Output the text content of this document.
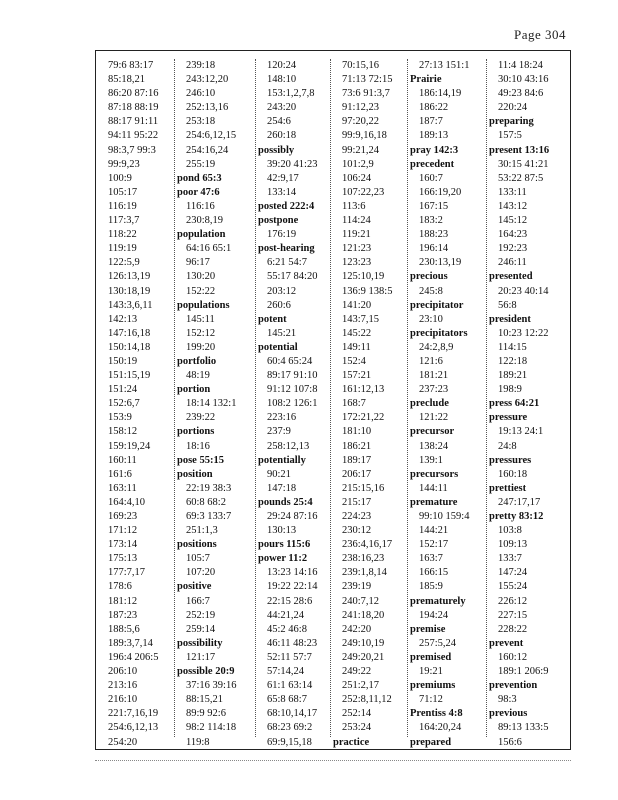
Page 304
79:6 83:17
85:18,21
86:20 87:16
87:18 88:19
88:17 91:11
94:11 95:22
98:3,7 99:3
99:9,23
100:9
105:17
116:19
117:3,7
118:22
119:19
122:5,9
126:13,19
130:18,19
143:3,6,11
142:13
147:16,18
150:14,18
150:19
151:15,19
151:24
152:6,7
153:9
158:12
159:19,24
160:11
161:6
163:11
164:4,10
169:23
171:12
173:14
175:13
177:7,17
178:6
181:12
187:23
188:5,6
189:3,7,14
196:4 206:5
206:10
213:16
216:10
221:7,16,19
254:6,12,13
254:20
239:18
243:12,20
246:10
252:13,16
253:18
254:6,12,15
254:16,24
255:19
pond 65:3
poor 47:6
116:16
230:8,19
population
64:16 65:1
96:17
130:20
152:22
populations
145:11
152:12
199:20
portfolio
48:19
portion
18:14 132:1
239:22
portions
18:16
pose 55:15
position
22:19 38:3
60:8 68:2
69:3 133:7
251:1,3
positions
105:7
107:20
positive
166:7
252:19
259:14
possibility
121:17
possible 20:9
37:16 39:16
88:15,21
89:9 92:6
98:2 114:18
119:8
120:24
148:10
153:1,2,7,8
243:20
254:6
260:18
possibly
39:20 41:23
42:9,17
133:14
posted 222:4
postpone
176:19
post-hearing
6:21 54:7
55:17 84:20
203:12
260:6
potent
145:21
potential
60:4 65:24
89:17 91:10
91:12 107:8
108:2 126:1
223:16
237:9
258:12,13
potentially
90:21
147:18
pounds 25:4
29:24 87:16
130:13
pours 115:6
power 11:2
13:23 14:16
19:22 22:14
22:15 28:6
44:21,24
45:2 46:8
46:11 48:23
52:11 57:7
57:14,24
61:1 63:14
65:8 68:7
68:10,14,17
68:23 69:2
69:9,15,18
70:15,16
71:13 72:15
73:6 91:3,7
91:12,23
97:20,22
99:9,16,18
99:21,24
101:2,9
106:24
107:22,23
113:6
114:24
119:21
121:23
123:23
125:10,19
136:9 138:5
141:20
143:7,15
145:22
149:11
152:4
157:21
161:12,13
168:7
172:21,22
181:10
186:21
189:17
206:17
215:15,16
215:17
224:23
230:12
236:4,16,17
238:16,23
239:1,8,14
239:19
240:7,12
241:18,20
242:20
249:10,19
249:20,21
249:22
251:2,17
252:8,11,12
252:14
253:24
practice
27:13 151:1
Prairie
186:14,19
186:22
187:7
189:13
pray 142:3
precedent
160:7
166:19,20
167:15
183:2
188:23
196:14
230:13,19
precious
245:8
precipitator
23:10
precipitators
24:2,8,9
121:6
181:21
237:23
preclude
121:22
precursor
138:24
139:1
precursors
144:11
premature
99:10 159:4
144:21
152:17
163:7
166:15
185:9
prematurely
194:24
premise
257:5,24
premised
19:21
premiums
71:12
Prentiss 4:8
164:20,24
prepared
11:4 18:24
30:10 43:16
49:23 84:6
220:24
preparing
157:5
present 13:16
30:15 41:21
53:22 87:5
133:11
143:12
145:12
164:23
192:23
246:11
presented
20:23 40:14
56:8
president
10:23 12:22
114:15
122:18
189:21
198:9
press 64:21
pressure
19:13 24:1
24:8
pressures
160:18
prettiest
247:17,17
pretty 83:12
103:8
109:13
133:7
147:24
155:24
226:12
227:15
228:22
prevent
160:12
189:1 206:9
prevention
98:3
previous
89:13 133:5
156:6
